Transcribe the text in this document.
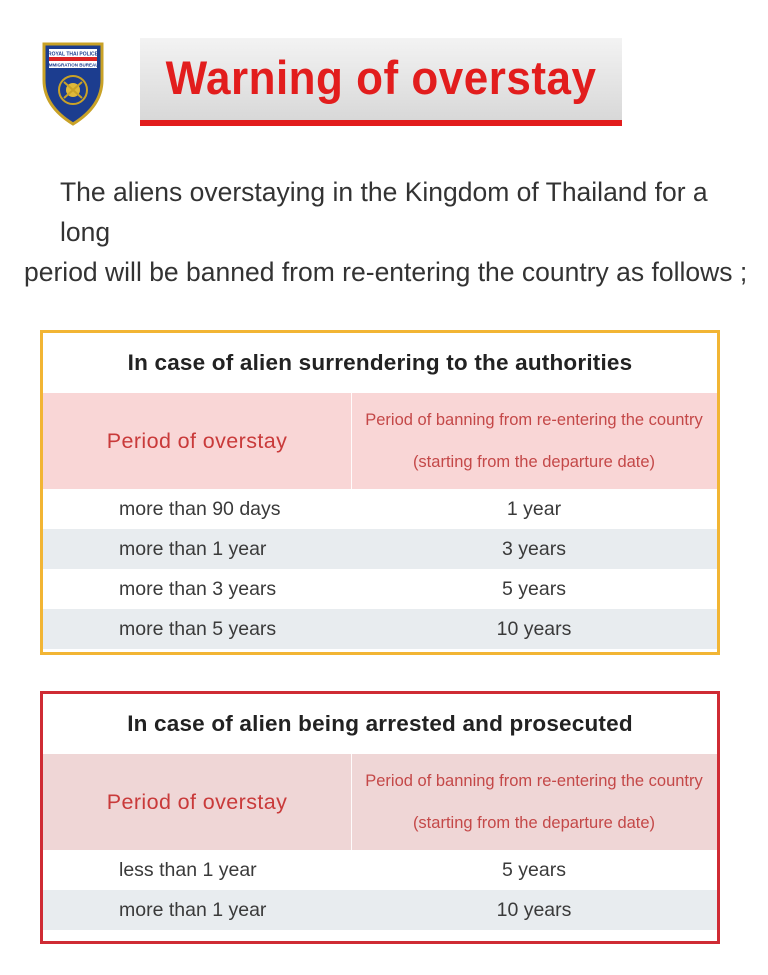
ROYAL THAI POLICE
IMMIGRATION BUREAU Warning of overstay
The aliens overstaying in the Kingdom of Thailand for a long
period will be banned from re-entering the country as follows ;
In case of alien surrendering to the authorities
Period of overstay
Period of banning from re-entering the country
(starting from the departure date)
more than 90 days	1 year
more than 1 year	3 years
more than 3 years	5 years
more than 5 years	10 years
In case of alien being arrested and prosecuted
Period of overstay
Period of banning from re-entering the country
(starting from the departure date)
less than 1 year	5 years
more than 1 year	10 years
